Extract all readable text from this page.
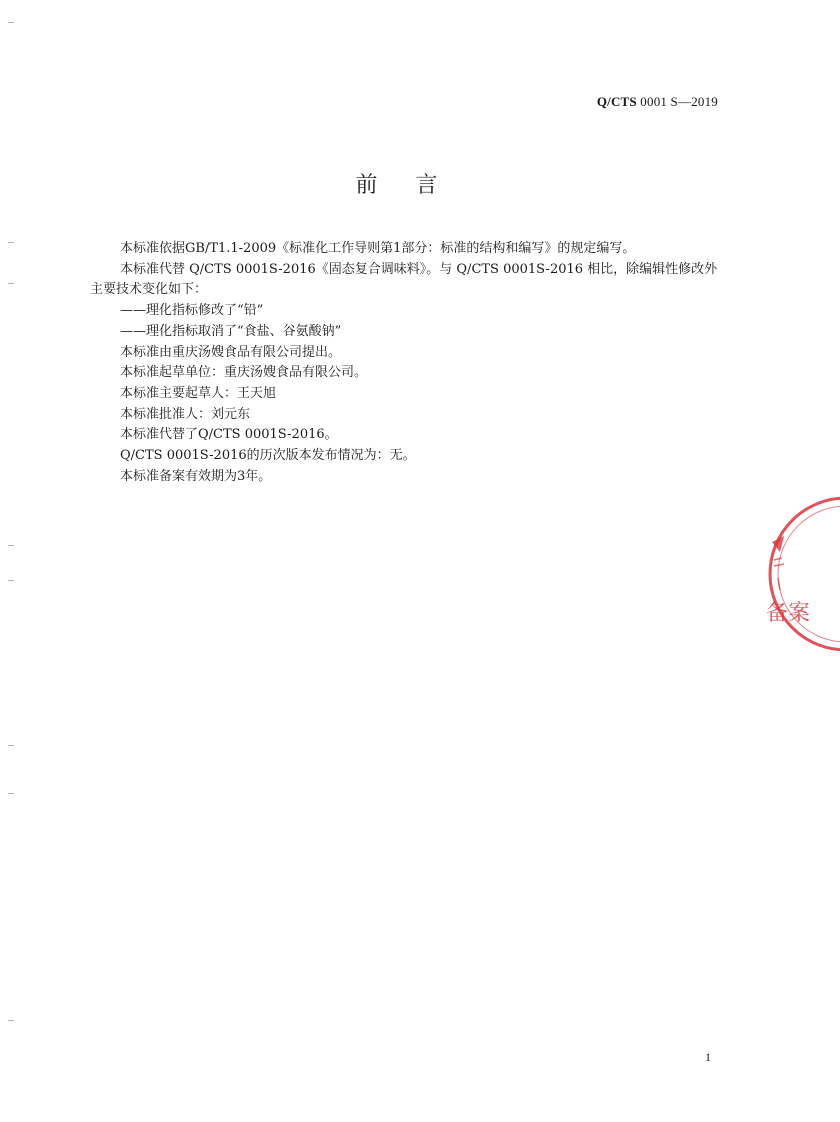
Q/CTS 0001 S—2019
前言

本标准依据GB/T1.1-2009《标准化工作导则第1部分：标准的结构和编写》的规定编写。

本标准代替 Q/CTS 0001S-2016《固态复合调味料》。与 Q/CTS 0001S-2016 相比，除编辑性修改外

主要技术变化如下：

——理化指标修改了“铅”

——理化指标取消了“食盐、谷氨酸钠”

本标准由重庆汤嫂食品有限公司提出。

本标准起草单位：重庆汤嫂食品有限公司。

本标准主要起草人：王天旭

本标准批准人：刘元东

本标准代替了Q/CTS 0001S-2016。

Q/CTS 0001S-2016的历次版本发布情况为：无。

本标准备案有效期为3年。

备案
1
